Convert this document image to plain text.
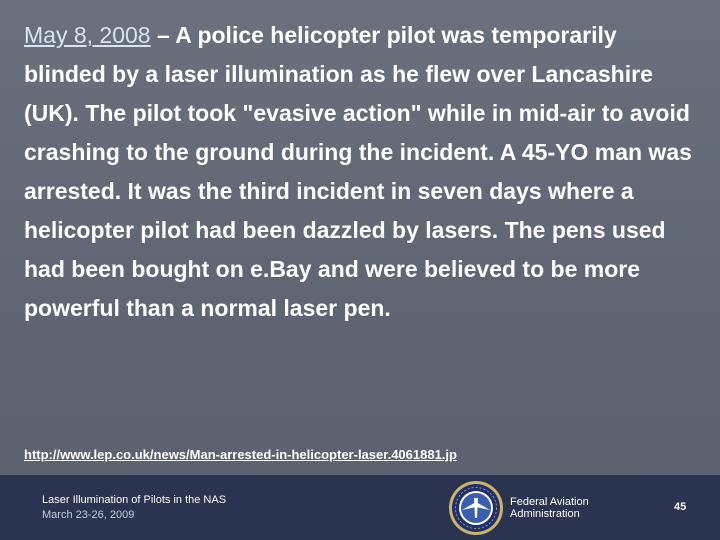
May 8, 2008 – A police helicopter pilot was temporarily blinded by a laser illumination as he flew over Lancashire (UK). The pilot took "evasive action" while in mid-air to avoid crashing to the ground during the incident. A 45-YO man was arrested. It was the third incident in seven days where a helicopter pilot had been dazzled by lasers. The pens used had been bought on e.Bay and were believed to be more powerful than a normal laser pen.

http://www.lep.co.uk/news/Man-arrested-in-helicopter-laser.4061881.jp
Laser Illumination of Pilots in the NAS
March 23-26, 2009
Federal Aviation
Administration
45
